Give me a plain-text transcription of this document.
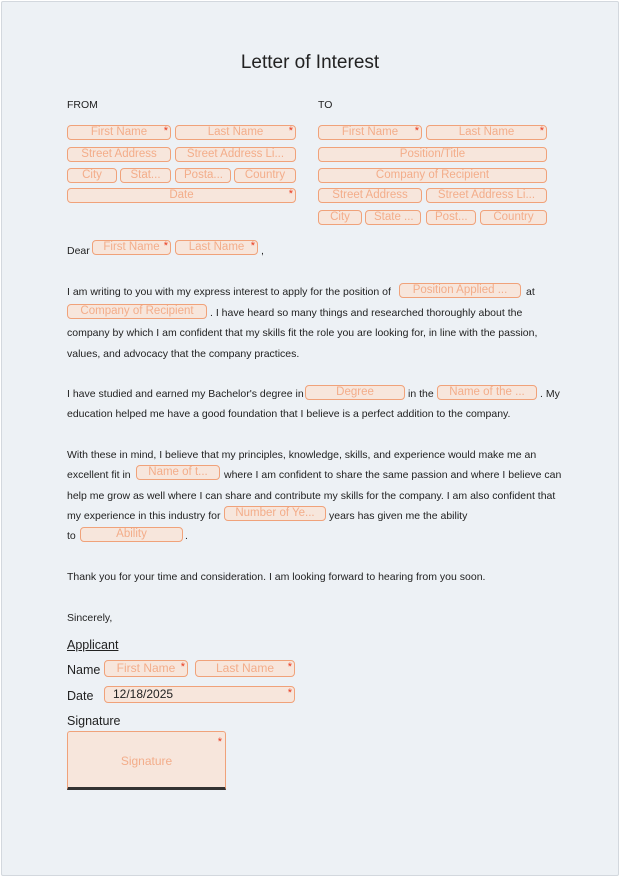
Letter of Interest
FROM	TO
First Name *	Last Name *
Street Address	Street Address Li...
City	Stat...	Posta...	Country
Date *
First Name *	Last Name *
Position/Title
Company of Recipient
Street Address	Street Address Li...
City	State ...	Post...	Country
Dear	First Name *	Last Name *	,
I am writing to you with my express interest to apply for the position of	Position Applied ...	at
Company of Recipient	. I have heard so many things and researched thoroughly about the
company by which I am confident that my skills fit the role you are looking for, in line with the passion,
values, and advocacy that the company practices.
I have studied and earned my Bachelor's degree in	Degree	in the	Name of the ...	. My
education helped me have a good foundation that I believe is a perfect addition to the company.
With these in mind, I believe that my principles, knowledge, skills, and experience would make me an
excellent fit in	Name of t...	where I am confident to share the same passion and where I believe can
help me grow as well where I can share and contribute my skills for the company. I am also confident that
my experience in this industry for	Number of Ye...	years has given me the ability
to	Ability	.
Thank you for your time and consideration. I am looking forward to hearing from you soon.
Sincerely,
Applicant
Name	First Name *	Last Name *
Date	12/18/2025 *
Signature
Signature *
